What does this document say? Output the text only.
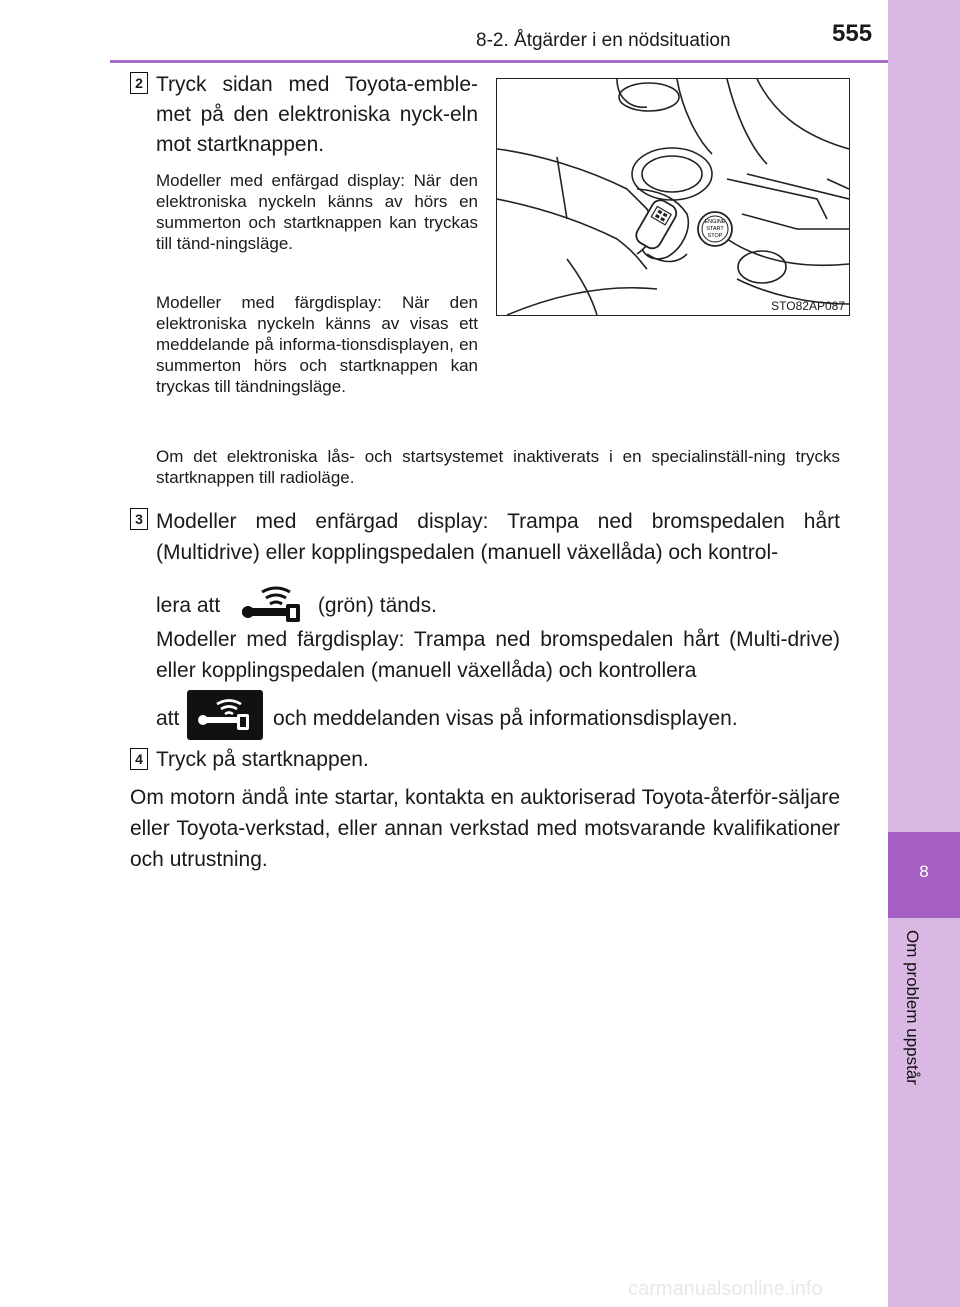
8-2. Åtgärder i en nödsituation	555
8
Om problem uppstår
2 Tryck sidan med Toyota-emble-met på den elektroniska nyck-eln mot startknappen.
Modeller med enfärgad display: När den elektroniska nyckeln känns av hörs en summerton och startknappen kan tryckas till tänd-ningsläge.
Modeller med färgdisplay: När den elektroniska nyckeln känns av visas ett meddelande på informa-tionsdisplayen, en summerton hörs och startknappen kan tryckas till tändningsläge.
Om det elektroniska lås- och startsystemet inaktiverats i en specialinställ-ning trycks startknappen till radioläge.
ENGINE
START
STOP
STO82AP087
3 Modeller med enfärgad display: Trampa ned bromspedalen hårt (Multidrive) eller kopplingspedalen (manuell växellåda) och kontrol-
lera att	(grön) tänds.
Modeller med färgdisplay: Trampa ned bromspedalen hårt (Multi-drive) eller kopplingspedalen (manuell växellåda) och kontrollera
att	och meddelanden visas på informationsdisplayen.
4 Tryck på startknappen.
Om motorn ändå inte startar, kontakta en auktoriserad Toyota-återför-säljare eller Toyota-verkstad, eller annan verkstad med motsvarande kvalifikationer och utrustning.
carmanualsonline.info
